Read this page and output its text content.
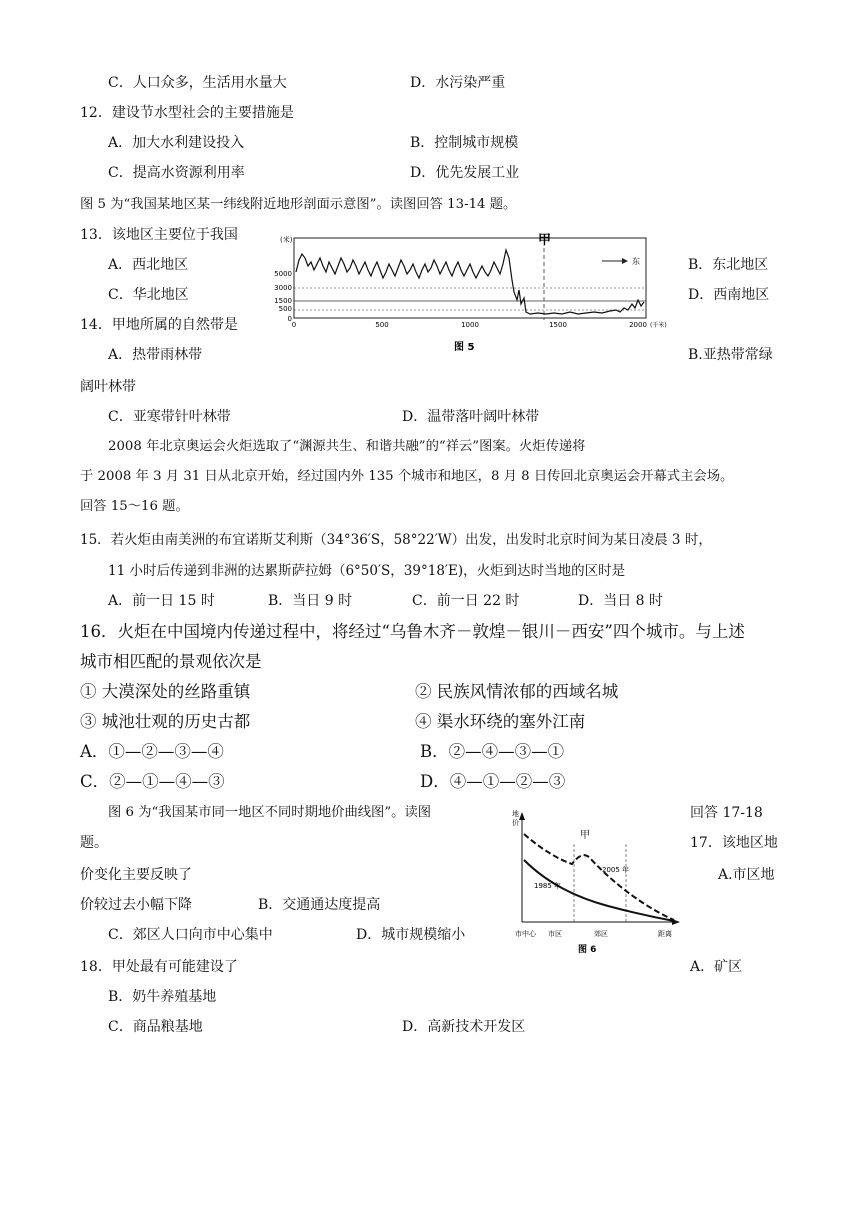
C．人口众多，生活用水量大	D．水污染严重
12．建设节水型社会的主要措施是
A．加大水利建设投入	B．控制城市规模
C．提高水资源利用率	D．优先发展工业
图 5 为“我国某地区某一纬线附近地形剖面示意图”。读图回答 13-14 题。
13．该地区主要位于我国
A．西北地区	B．东北地区
C．华北地区	D．西南地区
(米)
5000
3000
1500
500
0
甲
东
0	500	1000	1500	2000 (千米)
图 5
14．甲地所属的自然带是
A．热带雨林带	B.亚热带常绿
阔叶林带
C．亚寒带针叶林带	D．温带落叶阔叶林带
2008 年北京奥运会火炬选取了“渊源共生、和谐共融”的“祥云”图案。火炬传递将
于 2008 年 3 月 31 日从北京开始，经过国内外 135 个城市和地区，8 月 8 日传回北京奥运会开幕式主会场。
回答 15～16 题。
15．若火炬由南美洲的布宜诺斯艾利斯（34°36′S，58°22′W）出发，出发时北京时间为某日凌晨 3 时，
11 小时后传递到非洲的达累斯萨拉姆（6°50′S，39°18′E)，火炬到达时当地的区时是
A．前一日 15 时	B．当日 9 时	C．前一日 22 时	D．当日 8 时
16．火炬在中国境内传递过程中，将经过“乌鲁木齐－敦煌－银川－西安”四个城市。与上述
城市相匹配的景观依次是
① 大漠深处的丝路重镇	② 民族风情浓郁的西域名城
③ 城池壮观的历史古都	④ 渠水环绕的塞外江南
A．①—②—③—④	B．②—④—③—①
C．②—①—④—③	D．④—①—②—③
图 6 为“我国某市同一地区不同时期地价曲线图”。读图	回答 17-18
题。	17．该地区地
价变化主要反映了	A.市区地
价较过去小幅下降	B．交通通达度提高
C．郊区人口向市中心集中	D．城市规模缩小
地
价
甲
2005 年
1985 年
市中心 市区	郊区	距离
图 6
18．甲处最有可能建设了	A．矿区
B．奶牛养殖基地
C．商品粮基地	D．高新技术开发区
